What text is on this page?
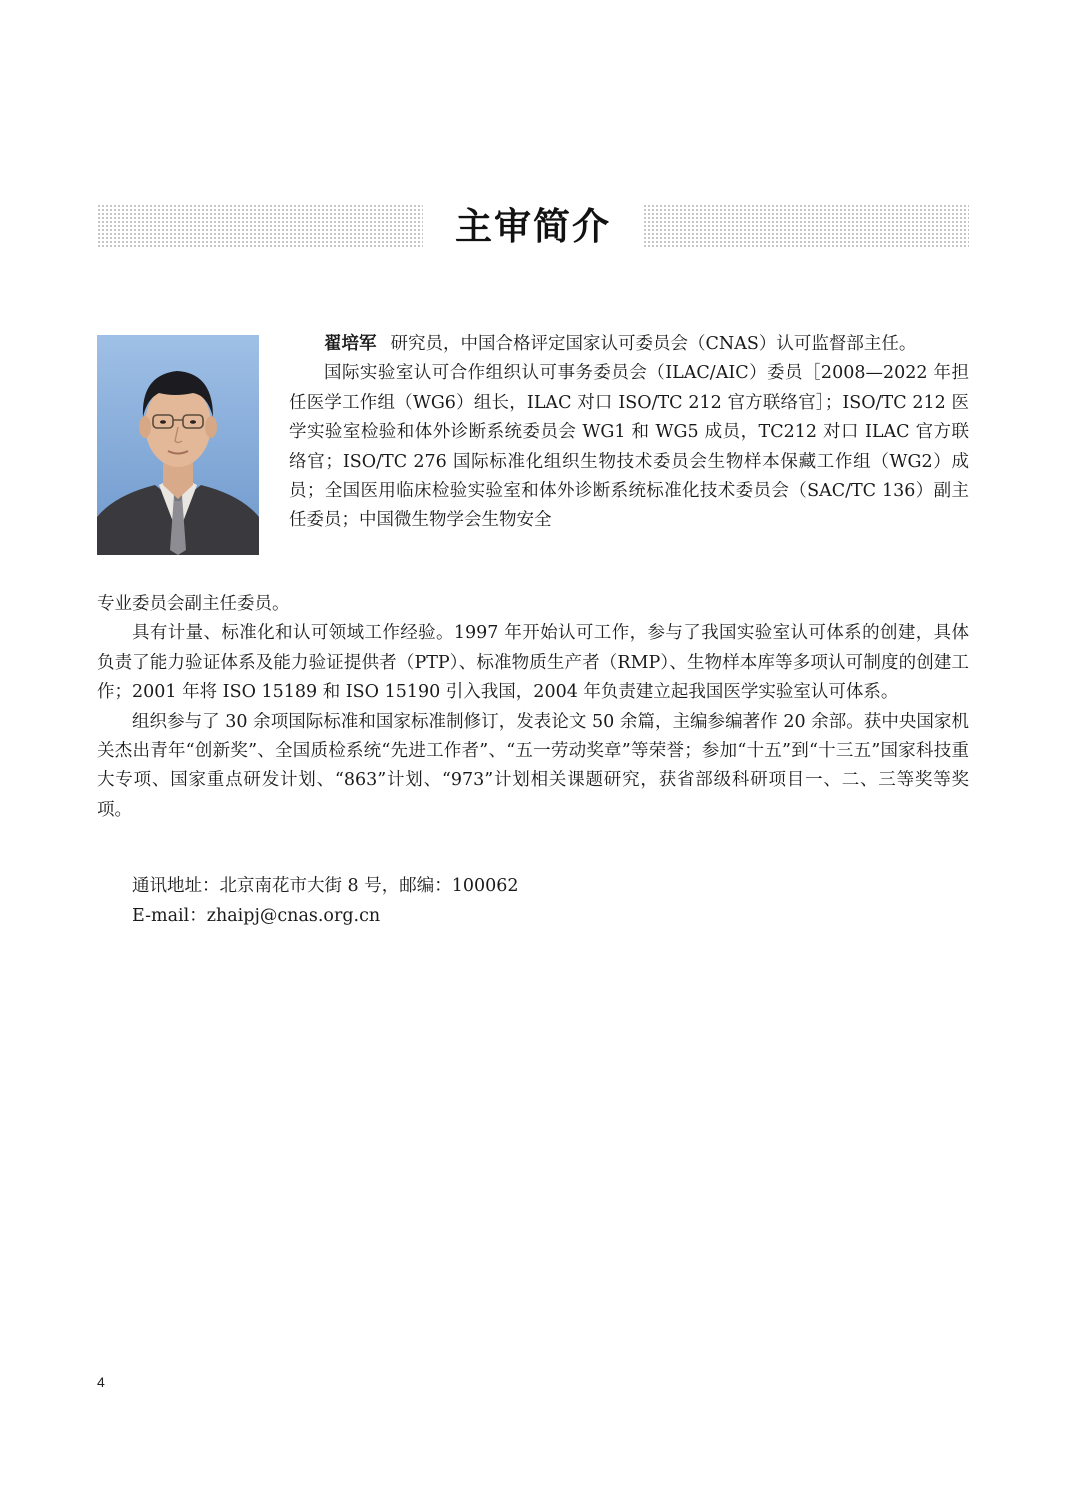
主审简介

翟培军 研究员，中国合格评定国家认可委员会（CNAS）认可监督部主任。

国际实验室认可合作组织认可事务委员会（ILAC/AIC）委员［2008—2022 年担任医学工作组（WG6）组长，ILAC 对口 ISO/TC 212 官方联络官］；ISO/TC 212 医学实验室检验和体外诊断系统委员会 WG1 和 WG5 成员，TC212 对口 ILAC 官方联络官；ISO/TC 276 国际标准化组织生物技术委员会生物样本保藏工作组（WG2）成员；全国医用临床检验实验室和体外诊断系统标准化技术委员会（SAC/TC 136）副主任委员；中国微生物学会生物安全

专业委员会副主任委员。

具有计量、标准化和认可领域工作经验。1997 年开始认可工作，参与了我国实验室认可体系的创建，具体负责了能力验证体系及能力验证提供者（PTP）、标准物质生产者（RMP）、生物样本库等多项认可制度的创建工作；2001 年将 ISO 15189 和 ISO 15190 引入我国，2004 年负责建立起我国医学实验室认可体系。

组织参与了 30 余项国际标准和国家标准制修订，发表论文 50 余篇，主编参编著作 20 余部。获中央国家机关杰出青年“创新奖”、全国质检系统“先进工作者”、“五一劳动奖章”等荣誉；参加“十五”到“十三五”国家科技重大专项、国家重点研发计划、“863”计划、“973”计划相关课题研究，获省部级科研项目一、二、三等奖等奖项。

通讯地址：北京南花市大街 8 号，邮编：100062
E-mail：zhaipj@cnas.org.cn
4
